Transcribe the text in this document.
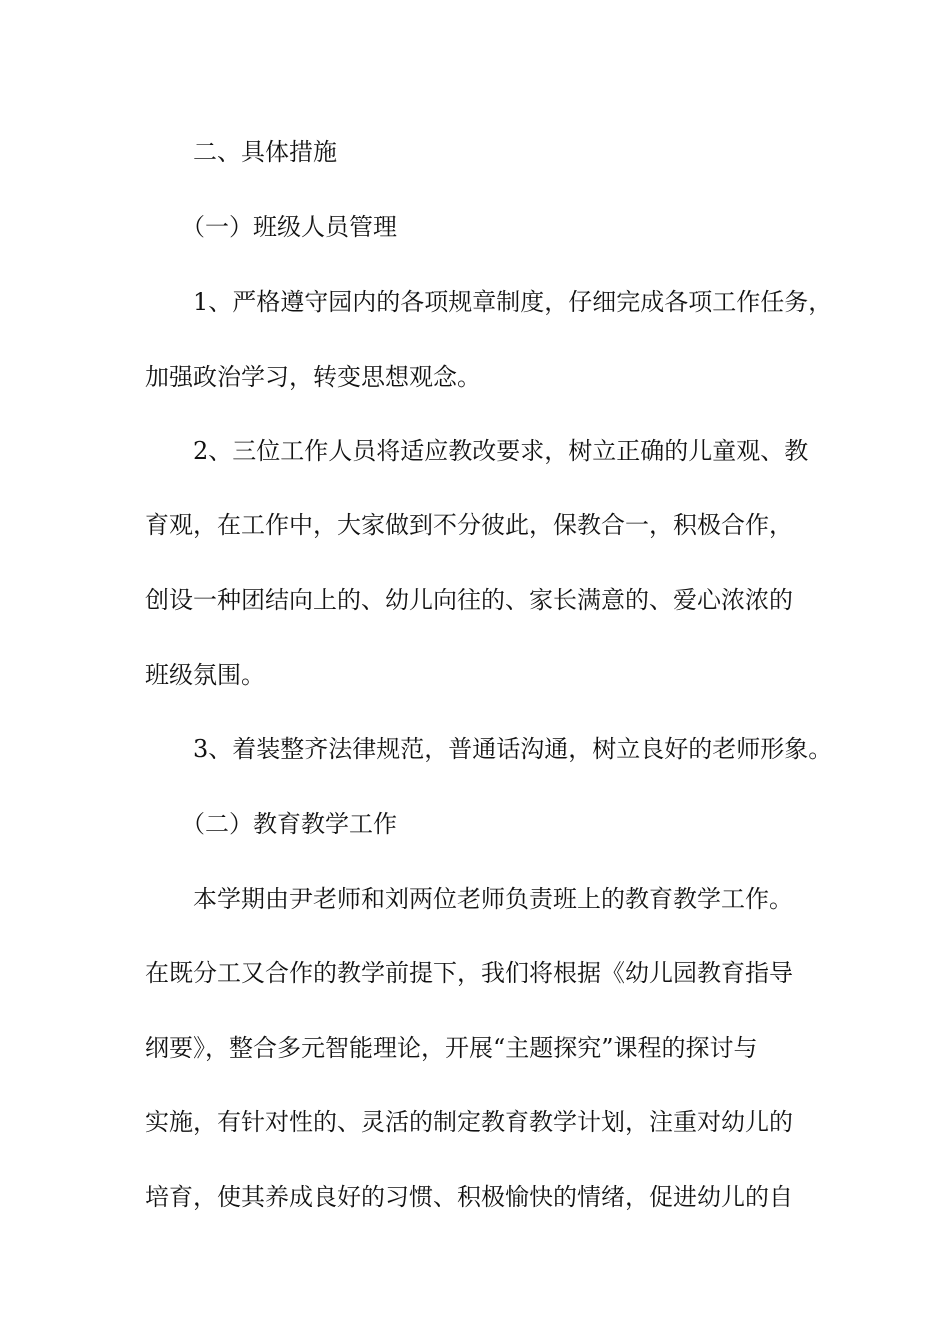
二、具体措施
（一）班级人员管理
1、严格遵守园内的各项规章制度，仔细完成各项工作任务，
加强政治学习，转变思想观念。
2、三位工作人员将适应教改要求，树立正确的儿童观、教
育观，在工作中，大家做到不分彼此，保教合一，积极合作，
创设一种团结向上的、幼儿向往的、家长满意的、爱心浓浓的
班级氛围。
3、着装整齐法律规范，普通话沟通，树立良好的老师形象。
（二）教育教学工作
本学期由尹老师和刘两位老师负责班上的教育教学工作。
在既分工又合作的教学前提下，我们将根据《幼儿园教育指导
纲要》，整合多元智能理论，开展“主题探究”课程的探讨与
实施，有针对性的、灵活的制定教育教学计划，注重对幼儿的
培育，使其养成良好的习惯、积极愉快的情绪，促进幼儿的自
